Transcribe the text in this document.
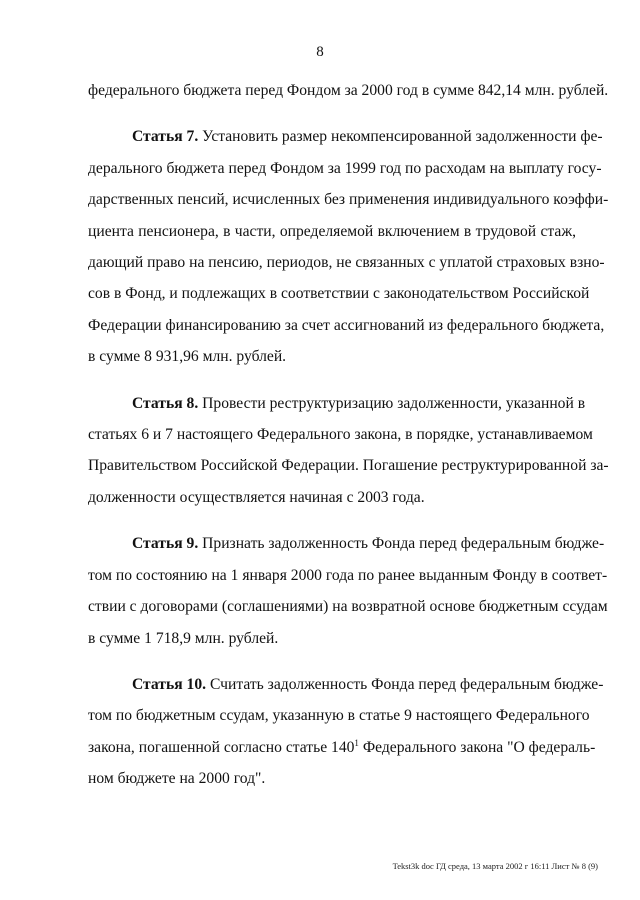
8

федерального бюджета перед Фондом за 2000 год в сумме 842,14 млн. рублей.

Статья 7. Установить размер некомпенсированной задолженности фе-
дерального бюджета перед Фондом за 1999 год по расходам на выплату госу-
дарственных пенсий, исчисленных без применения индивидуального коэффи-
циента пенсионера, в части, определяемой включением в трудовой стаж,
дающий право на пенсию, периодов, не связанных с уплатой страховых взно-
сов в Фонд, и подлежащих в соответствии с законодательством Российской
Федерации финансированию за счет ассигнований из федерального бюджета,
в сумме 8 931,96 млн. рублей.

Статья 8. Провести реструктуризацию задолженности, указанной в
статьях 6 и 7 настоящего Федерального закона, в порядке, устанавливаемом
Правительством Российской Федерации. Погашение реструктурированной за-
долженности осуществляется начиная с 2003 года.

Статья 9. Признать задолженность Фонда перед федеральным бюдже-
том по состоянию на 1 января 2000 года по ранее выданным Фонду в соответ-
ствии с договорами (соглашениями) на возвратной основе бюджетным ссудам
в сумме 1 718,9 млн. рублей.

Статья 10. Считать задолженность Фонда перед федеральным бюдже-
том по бюджетным ссудам, указанную в статье 9 настоящего Федерального
закона, погашенной согласно статье $140^1$ Федерального закона "О федераль-
ном бюджете на 2000 год".

Tekst3k doc ГД среда, 13 марта 2002 г 16:11 Лист № 8 (9)
